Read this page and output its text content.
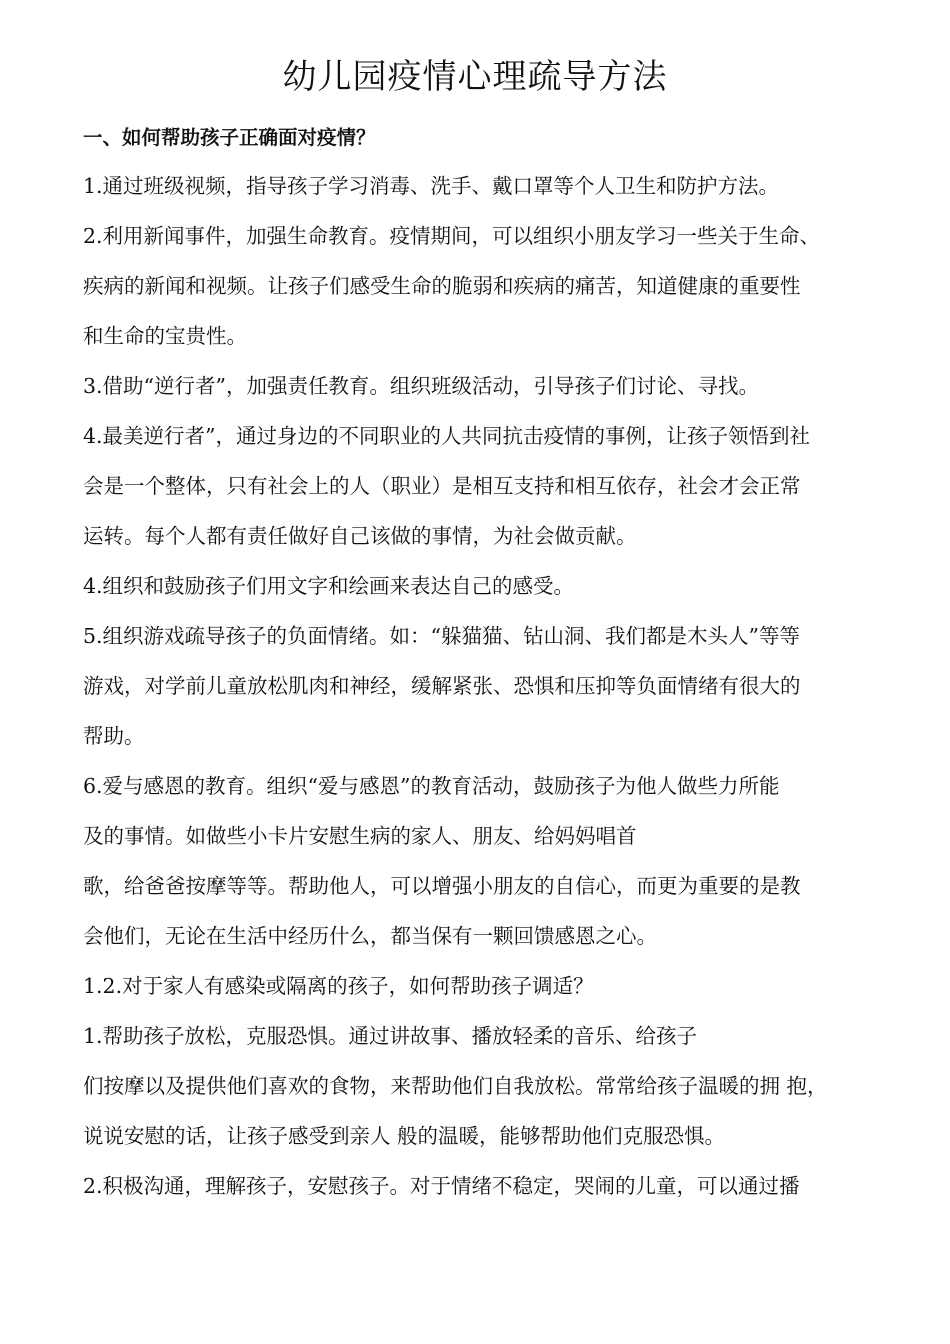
幼儿园疫情心理疏导方法
一、如何帮助孩子正确面对疫情？
1.通过班级视频，指导孩子学习消毒、洗手、戴口罩等个人卫生和防护方法。
2.利用新闻事件，加强生命教育。疫情期间，可以组织小朋友学习一些关于生命、
疾病的新闻和视频。让孩子们感受生命的脆弱和疾病的痛苦，知道健康的重要性
和生命的宝贵性。
3.借助“逆行者”，加强责任教育。组织班级活动，引导孩子们讨论、寻找。
4.最美逆行者”，通过身边的不同职业的人共同抗击疫情的事例，让孩子领悟到社
会是一个整体，只有社会上的人（职业）是相互支持和相互依存，社会才会正常
运转。每个人都有责任做好自己该做的事情，为社会做贡献。
4.组织和鼓励孩子们用文字和绘画来表达自己的感受。
5.组织游戏疏导孩子的负面情绪。如：“躲猫猫、钻山洞、我们都是木头人”等等
游戏，对学前儿童放松肌肉和神经，缓解紧张、恐惧和压抑等负面情绪有很大的
帮助。
6.爱与感恩的教育。组织“爱与感恩”的教育活动，鼓励孩子为他人做些力所能
及的事情。如做些小卡片安慰生病的家人、朋友、给妈妈唱首
歌，给爸爸按摩等等。帮助他人，可以增强小朋友的自信心，而更为重要的是教
会他们，无论在生活中经历什么，都当保有一颗回馈感恩之心。
1.2.对于家人有感染或隔离的孩子，如何帮助孩子调适？
1.帮助孩子放松，克服恐惧。通过讲故事、播放轻柔的音乐、给孩子
们按摩以及提供他们喜欢的食物，来帮助他们自我放松。常常给孩子温暖的拥 抱，
说说安慰的话，让孩子感受到亲人 般的温暖，能够帮助他们克服恐惧。
2.积极沟通，理解孩子，安慰孩子。对于情绪不稳定，哭闹的儿童，可以通过播
